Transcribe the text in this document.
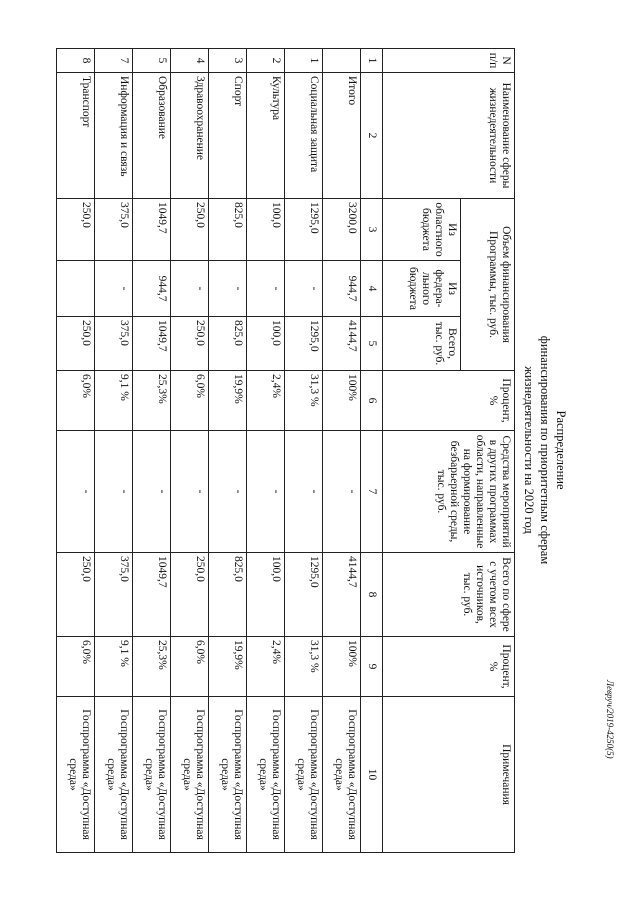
Распределение
финансирования по приоритетным сферам
жизнедеятельности на 2020 год
Левруч/2019-4250(5)
N п/п	Наименование сферы жизнедеятельности	Объем финансирования Программы, тыс. руб.			Процент, %	Средства мероприятий в других программах области, направленные на формирование безбарьерной среды, тыс. руб.	Всего по сфере с учетом всех источников, тыс. руб.	Процент, %	Примечания
		Из областного бюджета	Из федера-льного бюджета	Всего, тыс. руб.					
1	2	3	4	5	6	7	8	9	10
	Итого	3200,0	944,7	4144,7	100%	-	4144,7	100%	Госпрограмма «Доступная среда»
1	Социальная защита	1295,0	-	1295,0	31,3 %	-	1295,0	31,3 %	Госпрограмма «Доступная среда»
2	Культура	100,0	-	100,0	2,4%	-	100,0	2,4%	Госпрограмма «Доступная среда»
3	Спорт	825,0	-	825,0	19,9%	-	825,0	19,9%	Госпрограмма «Доступная среда»
4	Здравоохранение	250,0	-	250,0	6,0%	-	250,0	6,0%	Госпрограмма «Доступная среда»
5	Образование	1049,7	944,7	1049,7	25,3%	-	1049,7	25,3%	Госпрограмма «Доступная среда»
7	Информация и связь	375,0	-	375,0	9,1 %	-	375,0	9,1 %	Госпрограмма «Доступная среда»
8	Транспорт	250,0		250,0	6,0%	-	250,0	6,0%	Госпрограмма «Доступная среда»
